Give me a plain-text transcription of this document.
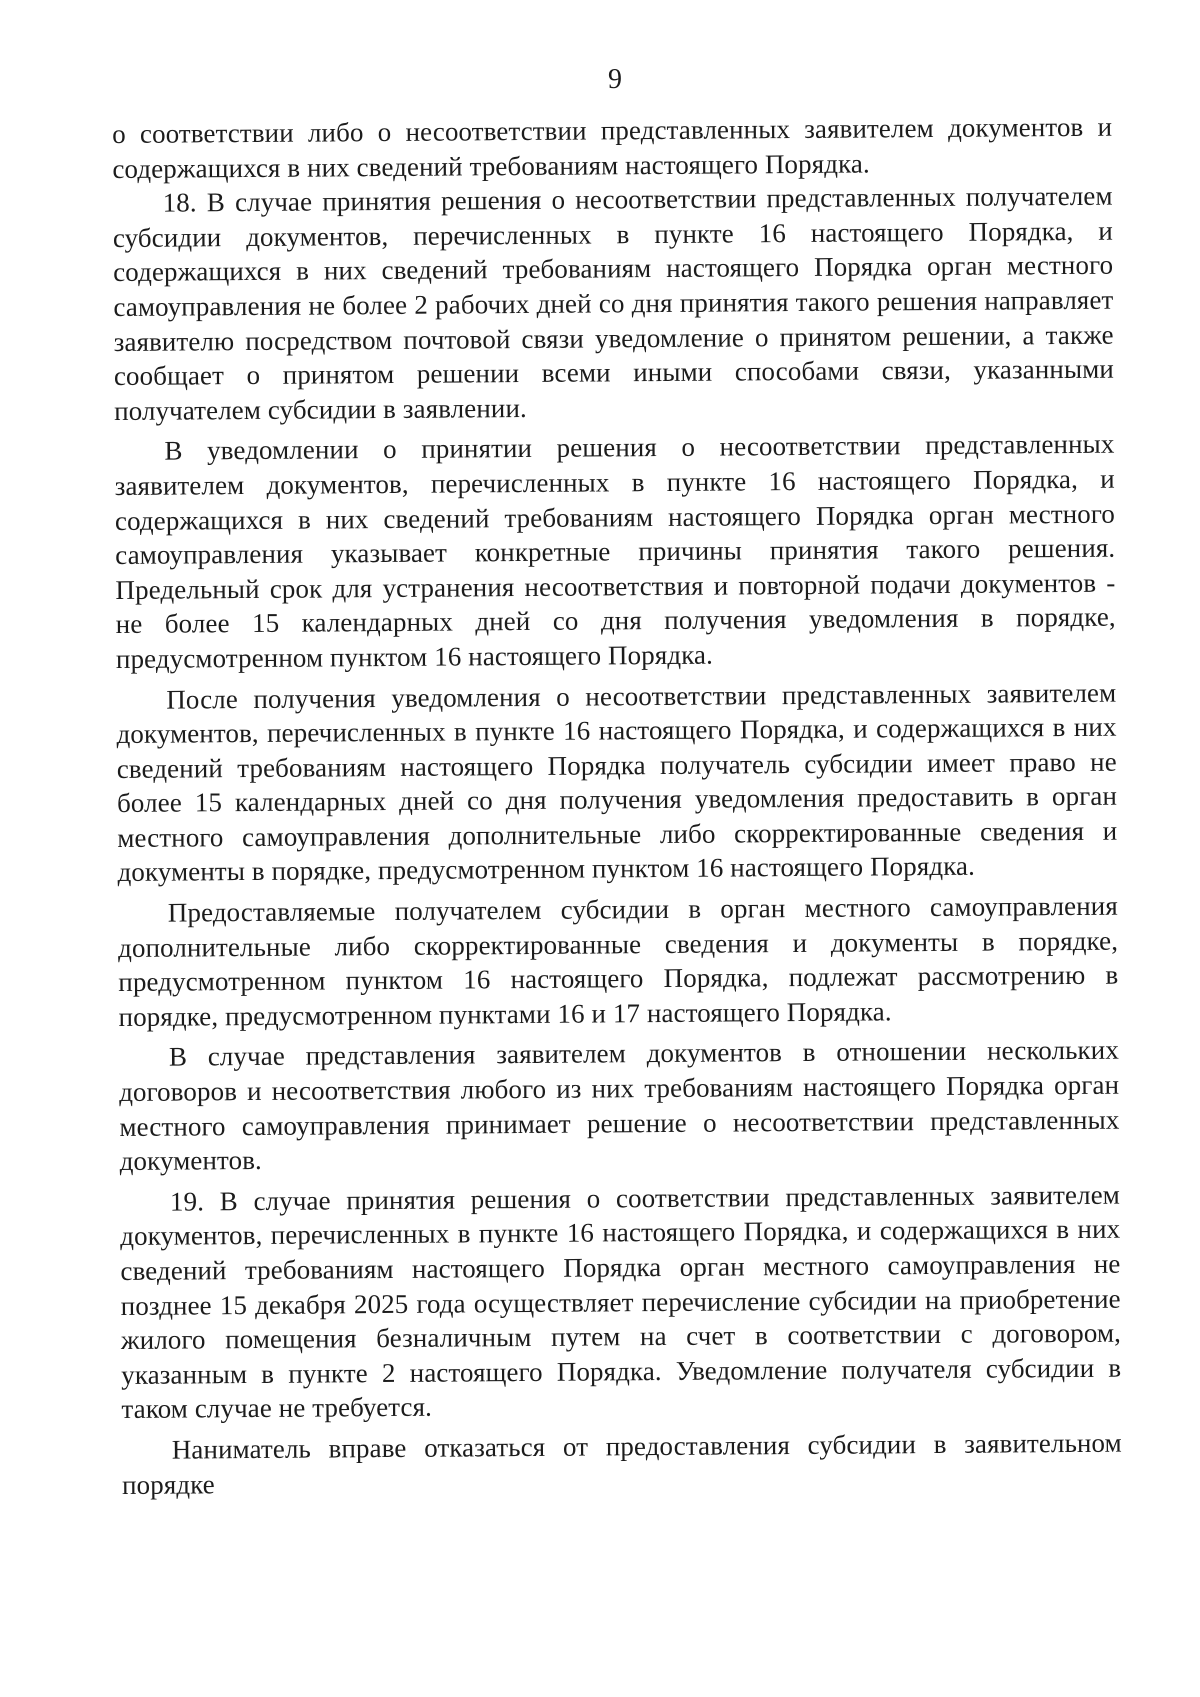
9

о соответствии либо о несоответствии представленных заявителем документов и содержащихся в них сведений требованиям настоящего Порядка.

18. В случае принятия решения о несоответствии представленных получателем субсидии документов, перечисленных в пункте 16 настоящего Порядка, и содержащихся в них сведений требованиям настоящего Порядка орган местного самоуправления не более 2 рабочих дней со дня принятия такого решения направляет заявителю посредством почтовой связи уведомление о принятом решении, а также сообщает о принятом решении всеми иными способами связи, указанными получателем субсидии в заявлении.

В уведомлении о принятии решения о несоответствии представленных заявителем документов, перечисленных в пункте 16 настоящего Порядка, и содержащихся в них сведений требованиям настоящего Порядка орган местного самоуправления указывает конкретные причины принятия такого решения. Предельный срок для устранения несоответствия и повторной подачи документов - не более 15 календарных дней со дня получения уведомления в порядке, предусмотренном пунктом 16 настоящего Порядка.

После получения уведомления о несоответствии представленных заявителем документов, перечисленных в пункте 16 настоящего Порядка, и содержащихся в них сведений требованиям настоящего Порядка получатель субсидии имеет право не более 15 календарных дней со дня получения уведомления предоставить в орган местного самоуправления дополнительные либо скорректированные сведения и документы в порядке, предусмотренном пунктом 16 настоящего Порядка.

Предоставляемые получателем субсидии в орган местного самоуправления дополнительные либо скорректированные сведения и документы в порядке, предусмотренном пунктом 16 настоящего Порядка, подлежат рассмотрению в порядке, предусмотренном пунктами 16 и 17 настоящего Порядка.

В случае представления заявителем документов в отношении нескольких договоров и несоответствия любого из них требованиям настоящего Порядка орган местного самоуправления принимает решение о несоответствии представленных документов.

19. В случае принятия решения о соответствии представленных заявителем документов, перечисленных в пункте 16 настоящего Порядка, и содержащихся в них сведений требованиям настоящего Порядка орган местного самоуправления не позднее 15 декабря 2025 года осуществляет перечисление субсидии на приобретение жилого помещения безналичным путем на счет в соответствии с договором, указанным в пункте 2 настоящего Порядка. Уведомление получателя субсидии в таком случае не требуется.

Наниматель вправе отказаться от предоставления субсидии в заявительном порядке
